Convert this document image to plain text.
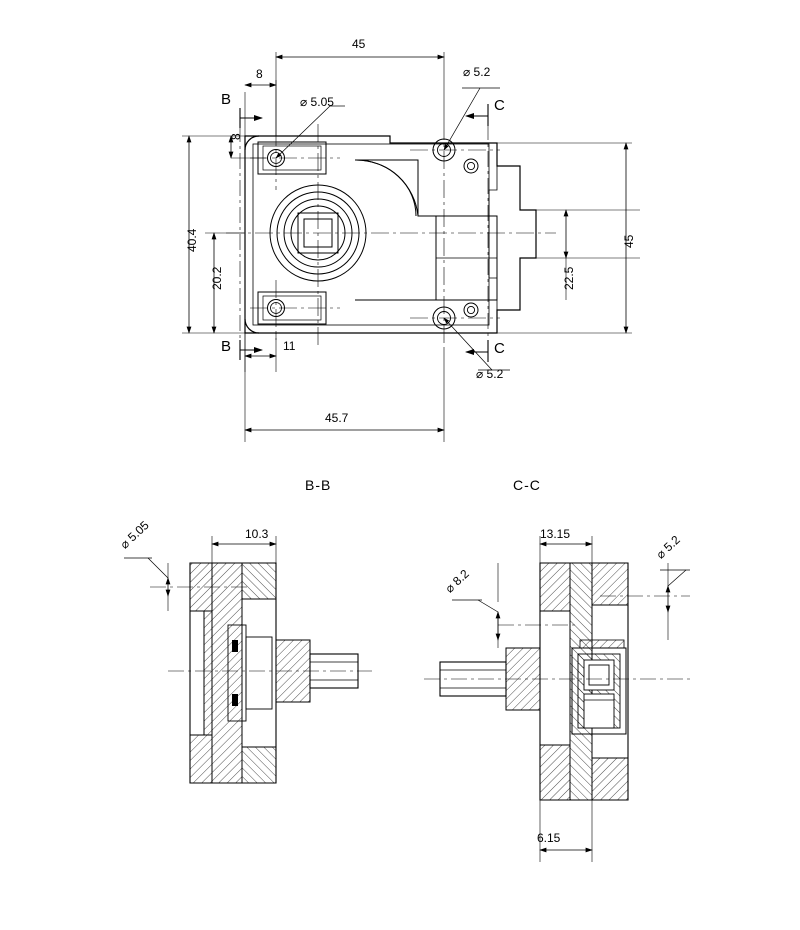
45
8
⌀ 5.05
⌀ 5.2
8
40.4
20.2
11
⌀ 5.2
45
22.5
45.7
B
B
C
C
B-B	C-C
10.3
⌀ 5.05	13.15
⌀ 8.2
⌀ 5.2
6.15
